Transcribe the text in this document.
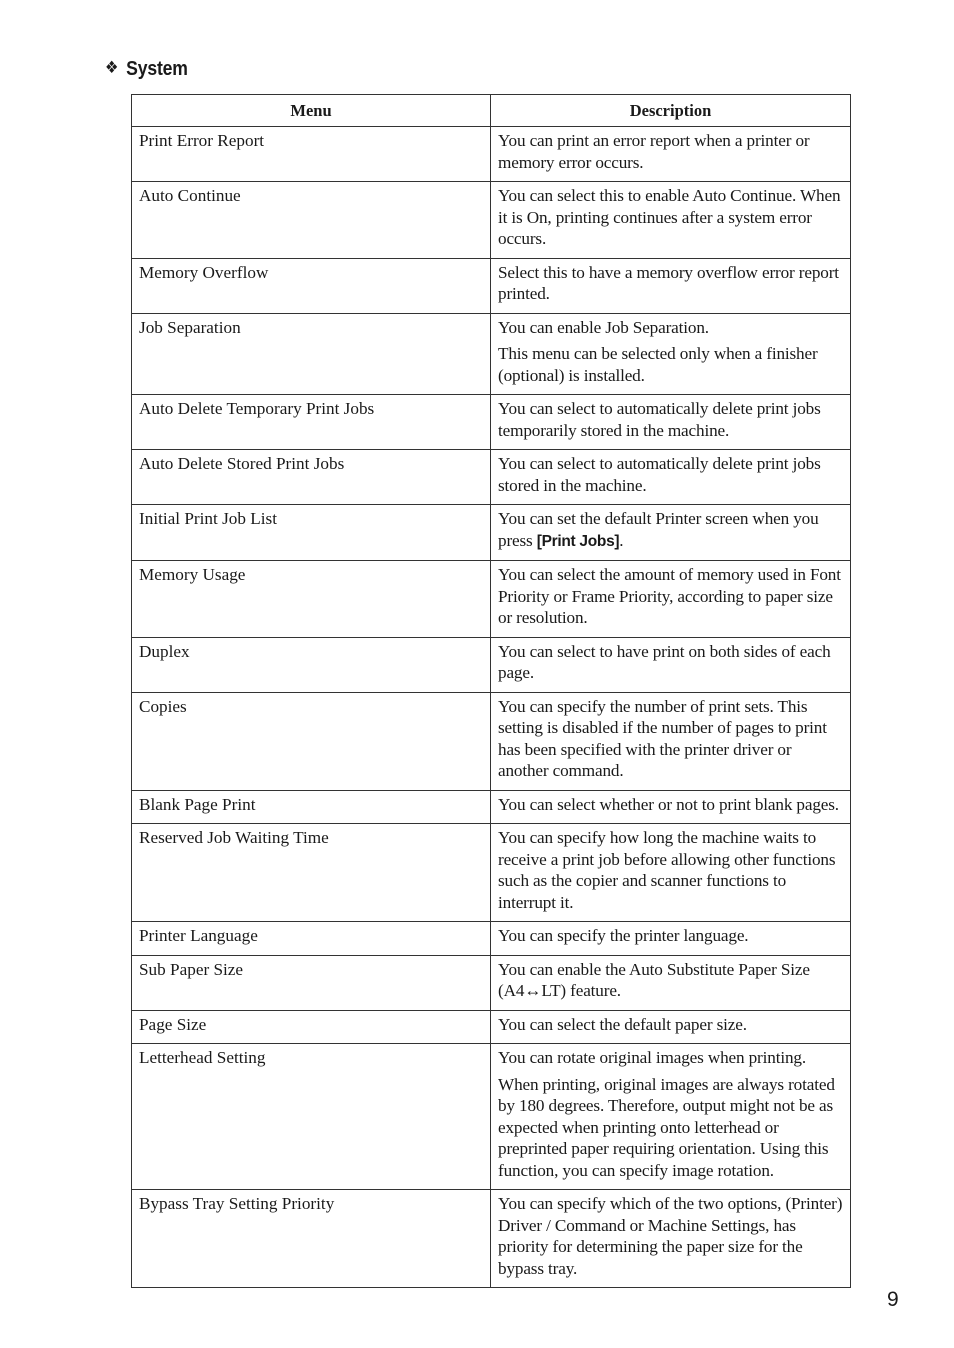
❖ System
Menu	Description
Print Error Report	You can print an error report when a printer or memory error occurs.

Auto Continue	You can select this to enable Auto Continue. When it is On, printing continues after a system error occurs.

Memory Overflow	Select this to have a memory overflow error report printed.

Job Separation	You can enable Job Separation.

This menu can be selected only when a finisher (optional) is installed.

Auto Delete Temporary Print Jobs	You can select to automatically delete print jobs temporarily stored in the machine.

Auto Delete Stored Print Jobs	You can select to automatically delete print jobs stored in the machine.

Initial Print Job List	You can set the default Printer screen when you press [Print Jobs].

Memory Usage	You can select the amount of memory used in Font Priority or Frame Priority, according to paper size or resolution.

Duplex	You can select to have print on both sides of each page.

Copies	You can specify the number of print sets. This setting is disabled if the number of pages to print has been specified with the printer driver or another command.

Blank Page Print	You can select whether or not to print blank pages.

Reserved Job Waiting Time	You can specify how long the machine waits to receive a print job before allowing other functions such as the copier and scanner functions to interrupt it.

Printer Language	You can specify the printer language.

Sub Paper Size	You can enable the Auto Substitute Paper Size (A4↔LT) feature.

Page Size	You can select the default paper size.

Letterhead Setting	You can rotate original images when printing.

When printing, original images are always rotated by 180 degrees. Therefore, output might not be as expected when printing onto letterhead or preprinted paper requiring orientation. Using this function, you can specify image rotation.

Bypass Tray Setting Priority	You can specify which of the two options, (Printer) Driver / Command or Machine Settings, has priority for determining the paper size for the bypass tray.

9
